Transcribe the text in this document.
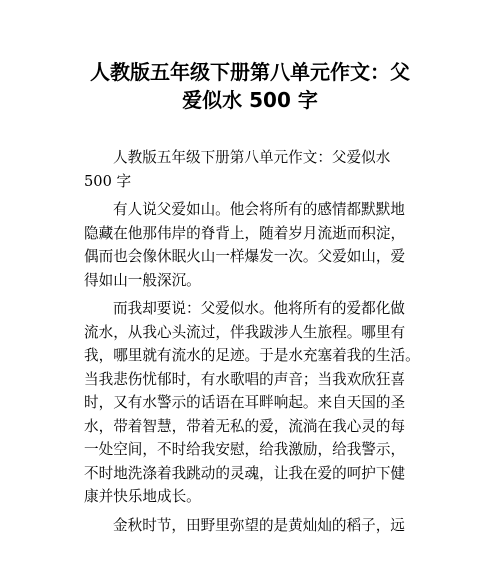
人教版五年级下册第八单元作文：父
爱似水 500 字
人教版五年级下册第八单元作文：父爱似水
500 字
有人说父爱如山。他会将所有的感情都默默地
隐藏在他那伟岸的脊背上，随着岁月流逝而积淀，
偶而也会像休眠火山一样爆发一次。父爱如山，爱
得如山一般深沉。
而我却要说：父爱似水。他将所有的爱都化做
流水，从我心头流过，伴我跋涉人生旅程。哪里有
我，哪里就有流水的足迹。于是水充塞着我的生活。
当我悲伤忧郁时，有水歌唱的声音；当我欢欣狂喜
时，又有水警示的话语在耳畔响起。来自天国的圣
水，带着智慧，带着无私的爱，流淌在我心灵的每
一处空间，不时给我安慰，给我激励，给我警示，
不时地洗涤着我跳动的灵魂，让我在爱的呵护下健
康并快乐地成长。
金秋时节，田野里弥望的是黄灿灿的稻子，远
